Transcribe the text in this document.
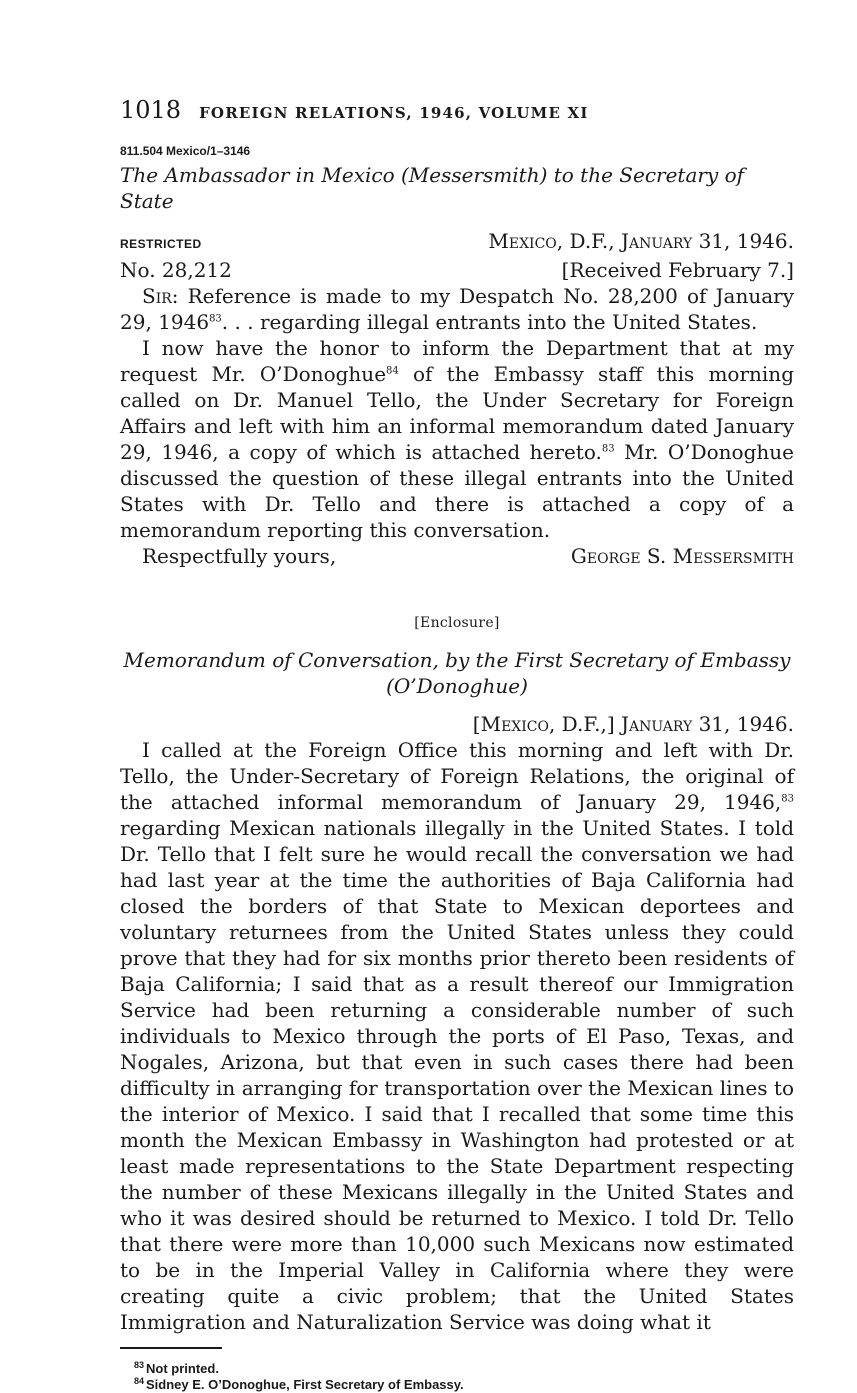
1018 FOREIGN RELATIONS, 1946, VOLUME XI
811.504 Mexico/1–3146
The Ambassador in Mexico (Messersmith) to the Secretary of State
RESTRICTED	Mexico, D.F., January 31, 1946.
No. 28,212	[Received February 7.]

Sir: Reference is made to my Despatch No. 28,200 of January 29, 1946$^{83}$. . . regarding illegal entrants into the United States.

I now have the honor to inform the Department that at my request Mr. O’Donoghue$^{84}$ of the Embassy staff this morning called on Dr. Manuel Tello, the Under Secretary for Foreign Affairs and left with him an informal memorandum dated January 29, 1946, a copy of which is attached hereto.$^{83}$ Mr. O’Donoghue discussed the question of these illegal entrants into the United States with Dr. Tello and there is attached a copy of a memorandum reporting this conversation.

Respectfully yours,	George S. Messersmith
[Enclosure]
Memorandum of Conversation, by the First Secretary of Embassy
(O’Donoghue)
[Mexico, D.F.,] January 31, 1946.

I called at the Foreign Office this morning and left with Dr. Tello, the Under-Secretary of Foreign Relations, the original of the attached informal memorandum of January 29, 1946,83 regarding Mexican nationals illegally in the United States. I told Dr. Tello that I felt sure he would recall the conversation we had had last year at the time the authorities of Baja California had closed the borders of that State to Mexican deportees and voluntary returnees from the United States unless they could prove that they had for six months prior thereto been residents of Baja California; I said that as a result thereof our Immigration Service had been returning a considerable number of such individuals to Mexico through the ports of El Paso, Texas, and Nogales, Arizona, but that even in such cases there had been difficulty in arranging for transportation over the Mexican lines to the interior of Mexico. I said that I recalled that some time this month the Mexican Embassy in Washington had protested or at least made representations to the State Department respecting the number of these Mexicans illegally in the United States and who it was desired should be returned to Mexico. I told Dr. Tello that there were more than 10,000 such Mexicans now estimated to be in the Imperial Valley in California where they were creating quite a civic problem; that the United States Immigration and Naturalization Service was doing what it

$^{83}$ Not printed.
$^{84}$ Sidney E. O’Donoghue, First Secretary of Embassy.
